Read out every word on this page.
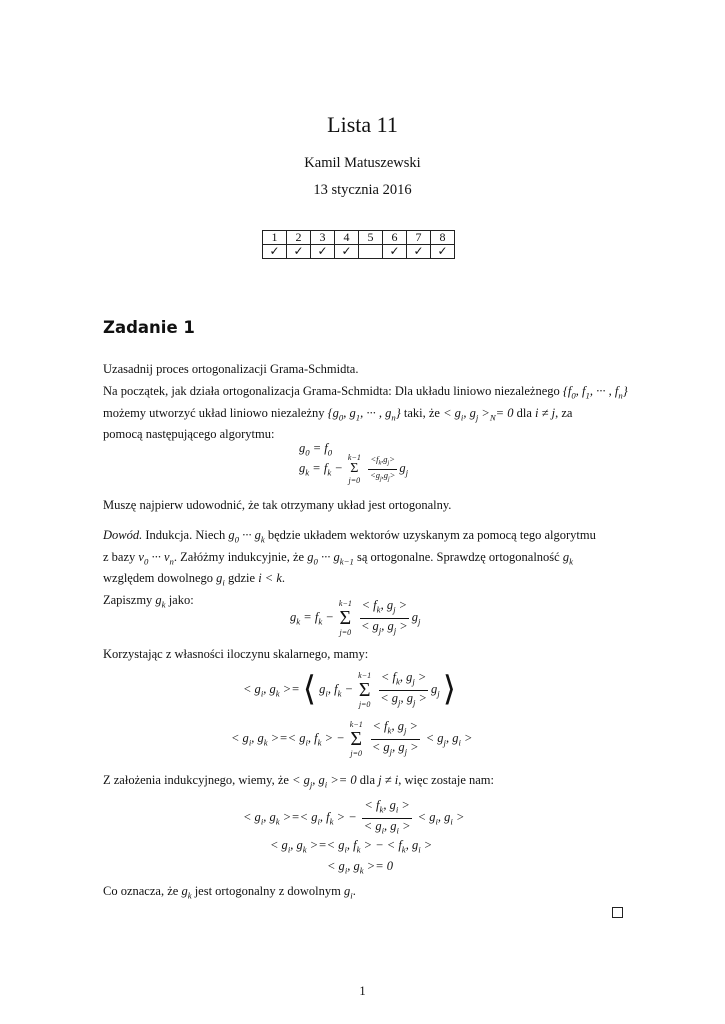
Lista 11
Kamil Matuszewski
13 stycznia 2016
1	2	3	4	5	6	7	8
✓	✓	✓	✓		✓	✓	✓
Zadanie 1
Uzasadnij proces ortogonalizacji Grama-Schmidta.
Na początek, jak działa ortogonalizacja Grama-Schmidta: Dla układu liniowo niezależnego {$f_0$, $f_1$, ··· , $f_n$}
możemy utworzyć układ liniowo niezależny {$g_0$, $g_1$, ··· , $g_n$} taki, że < $g_i$, $g_j >_N= 0$ dla i ≠ j, za
pomocą następującego algorytmu:
$g_0 = f_0$
$g_k = f_k$ −
k−1
Σ
j=0
$\frac{<f_k,g_j>}{<g_j,g_j>} g_j$
Muszę najpierw udowodnić, że tak otrzymany układ jest ortogonalny.
Dowód. Indukcja. Niech $g_0$ ··· $g_k$ będzie układem wektorów uzyskanym za pomocą tego algorytmu
z bazy $v_0$ ··· $v_n$. Załóżmy indukcyjnie, że $g_0$ ··· $g_{k-1}$ są ortogonalne. Sprawdzę ortogonalność $g_k$
względem dowolnego $g_i$ gdzie i < k.
Zapiszmy $g_k$ jako:
$g_k = f_k$ −
k−1
Σ
j=0
$\frac{< f_k, g_j >}{< g_j, g_j >} g_j$
Korzystając z własności iloczynu skalarnego, mamy:
< $g_i$, $g_k$ >= ⟨ $g_i$, $f_k$ −
k−1
Σ
j=0
$\frac{< f_k, g_j >}{< g_j, g_j >} g_j$ ⟩
< $g_i$, $g_k$ >=< $g_i$, $f_k$ > −
k−1
Σ
j=0
$\frac{< f_k, g_j >}{< g_j, g_j >} < g_j$, $g_i$ >
Z założenia indukcyjnego, wiemy, że < $g_j$, $g_i >= 0$ dla j ≠ i, więc zostaje nam:
< $g_i$, $g_k$ >=< $g_i$, $f_k$ > − $\frac{< f_k, g_i >}{< g_i, g_i >} < g_i$, $g_i$ >
< $g_i$, $g_k$ >=< $g_i$, $f_k$ > − < $f_k$, $g_i$ >
< $g_i$, $g_k >= 0$
Co oznacza, że $g_k$ jest ortogonalny z dowolnym $g_i$.
1
